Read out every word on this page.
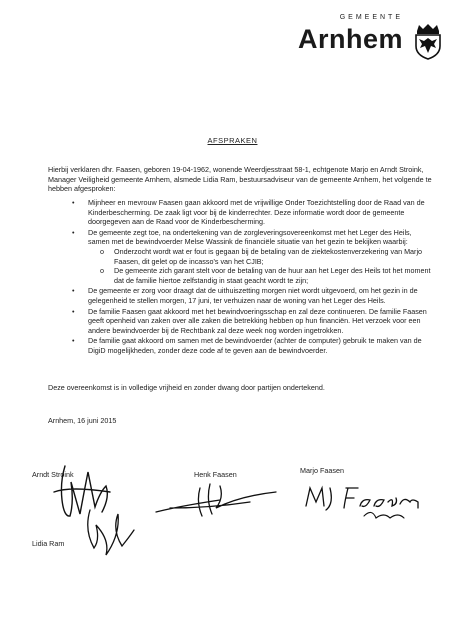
GEMEENTE
Arnhem
AFSPRAKEN
Hierbij verklaren dhr. Faasen, geboren 19-04-1962, wonende Weerdjesstraat 58-1, echtgenote Marjo en Arndt Stroink, Manager Veiligheid gemeente Arnhem, alsmede Lidia Ram, bestuursadviseur van de gemeente Arnhem, het volgende te hebben afgesproken:
• Mijnheer en mevrouw Faasen gaan akkoord met de vrijwillige Onder Toezichtstelling door de Raad van de Kinderbescherming. De zaak ligt voor bij de kinderrechter. Deze informatie wordt door de gemeente doorgegeven aan de Raad voor de Kinderbescherming.
• De gemeente zegt toe, na ondertekening van de zorgleveringsovereenkomst met het Leger des Heils, samen met de bewindvoerder Melse Wassink de financiële situatie van het gezin te bekijken waarbij:
o Onderzocht wordt wat er fout is gegaan bij de betaling van de ziektekostenverzekering van Marjo Faasen, dit gelet op de incasso's van het CJIB;
o De gemeente zich garant stelt voor de betaling van de huur aan het Leger des Heils tot het moment dat de familie hiertoe zelfstandig in staat geacht wordt te zijn;
• De gemeente er zorg voor draagt dat de uithuiszetting morgen niet wordt uitgevoerd, om het gezin in de gelegenheid te stellen morgen, 17 juni, ter verhuizen naar de woning van het Leger des Heils.
• De familie Faasen gaat akkoord met het bewindvoeringsschap en zal deze continueren. De familie Faasen geeft openheid van zaken over alle zaken die betrekking hebben op hun financiën. Het verzoek voor een andere bewindvoerder bij de Rechtbank zal deze week nog worden ingetrokken.
• De familie gaat akkoord om samen met de bewindvoerder (achter de computer) gebruik te maken van de DigiD mogelijkheden, zonder deze code af te geven aan de bewindvoerder.
Deze overeenkomst is in volledige vrijheid en zonder dwang door partijen ondertekend.
Arnhem, 16 juni 2015
Arndt Stroink	Henk Faasen	Marjo Faasen
Lidia Ram
